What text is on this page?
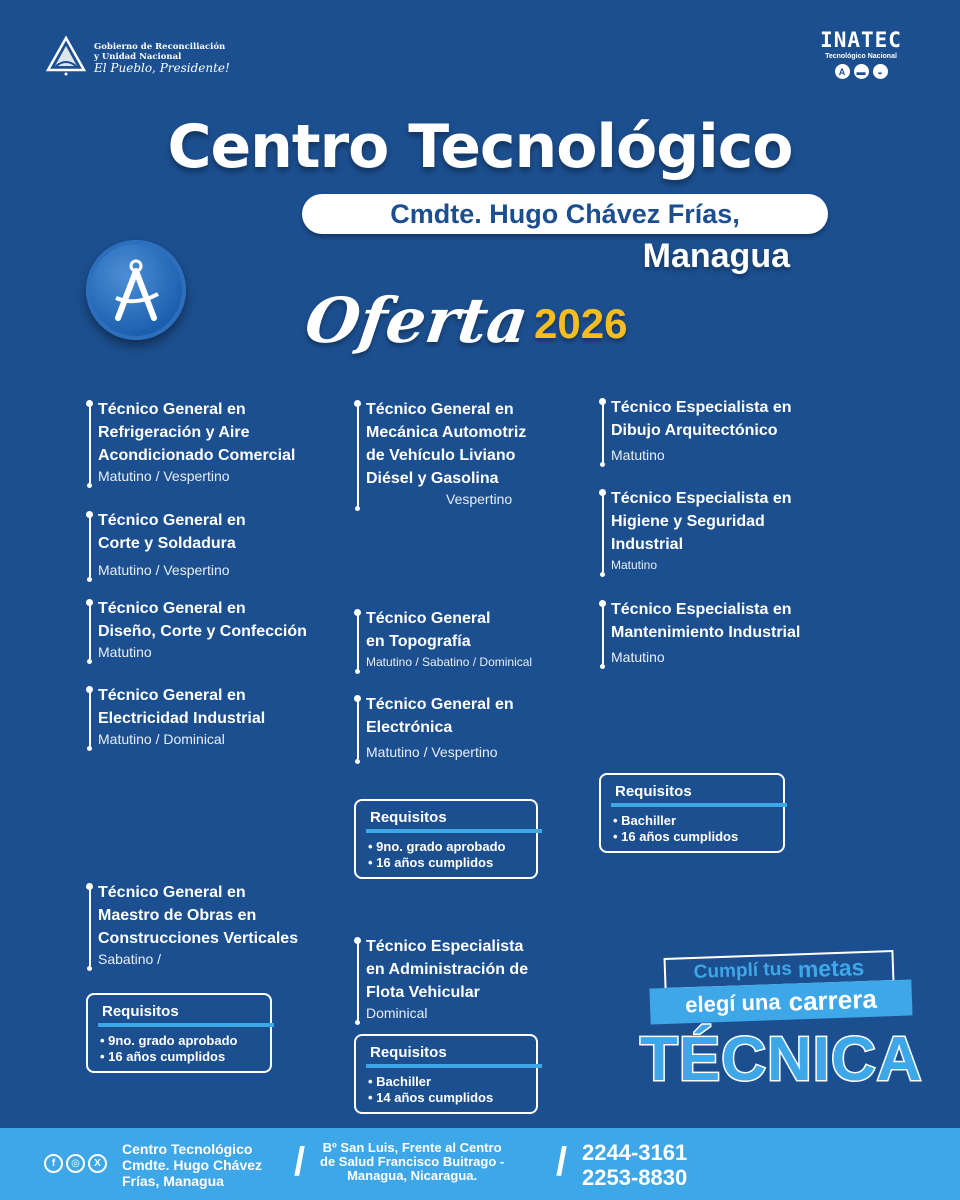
Gobierno de Reconciliación
y Unidad Nacional
El Pueblo, Presidente!
INATEC
Tecnológico Nacional
A	▬	◒
Centro Tecnológico
Cmdte. Hugo Chávez Frías,
Managua
Oferta 2026
Técnico General en
Refrigeración y Aire
Acondicionado Comercial
Matutino / Vespertino
Técnico General en
Corte y Soldadura
Matutino / Vespertino
Técnico General en
Diseño, Corte y Confección
Matutino
Técnico General en
Electricidad Industrial
Matutino / Dominical
Técnico General en
Maestro de Obras en
Construcciones Verticales
Sabatino /
Técnico General en
Mecánica Automotriz
de Vehículo Liviano
Diésel y Gasolina
Vespertino
Técnico General
en Topografía
Matutino / Sabatino / Dominical
Técnico General en
Electrónica
Matutino / Vespertino
Técnico Especialista
en Administración de
Flota Vehicular
Dominical
Técnico Especialista en
Dibujo Arquitectónico
Matutino
Técnico Especialista en
Higiene y Seguridad
Industrial
Matutino
Técnico Especialista en
Mantenimiento Industrial
Matutino
Requisitos
• 9no. grado aprobado
• 16 años cumplidos
Requisitos
• 9no. grado aprobado
• 16 años cumplidos
Requisitos
• Bachiller
• 14 años cumplidos
Requisitos
• Bachiller
• 16 años cumplidos
Cumplí tus metas
elegí una carrera
TÉCNICA
f	◎	X
Centro Tecnológico
Cmdte. Hugo Chávez
Frías, Managua	/ Bº San Luis, Frente al Centro
de Salud Francisco Buitrago -
Managua, Nicaragua.	/ 2244-3161
2253-8830
